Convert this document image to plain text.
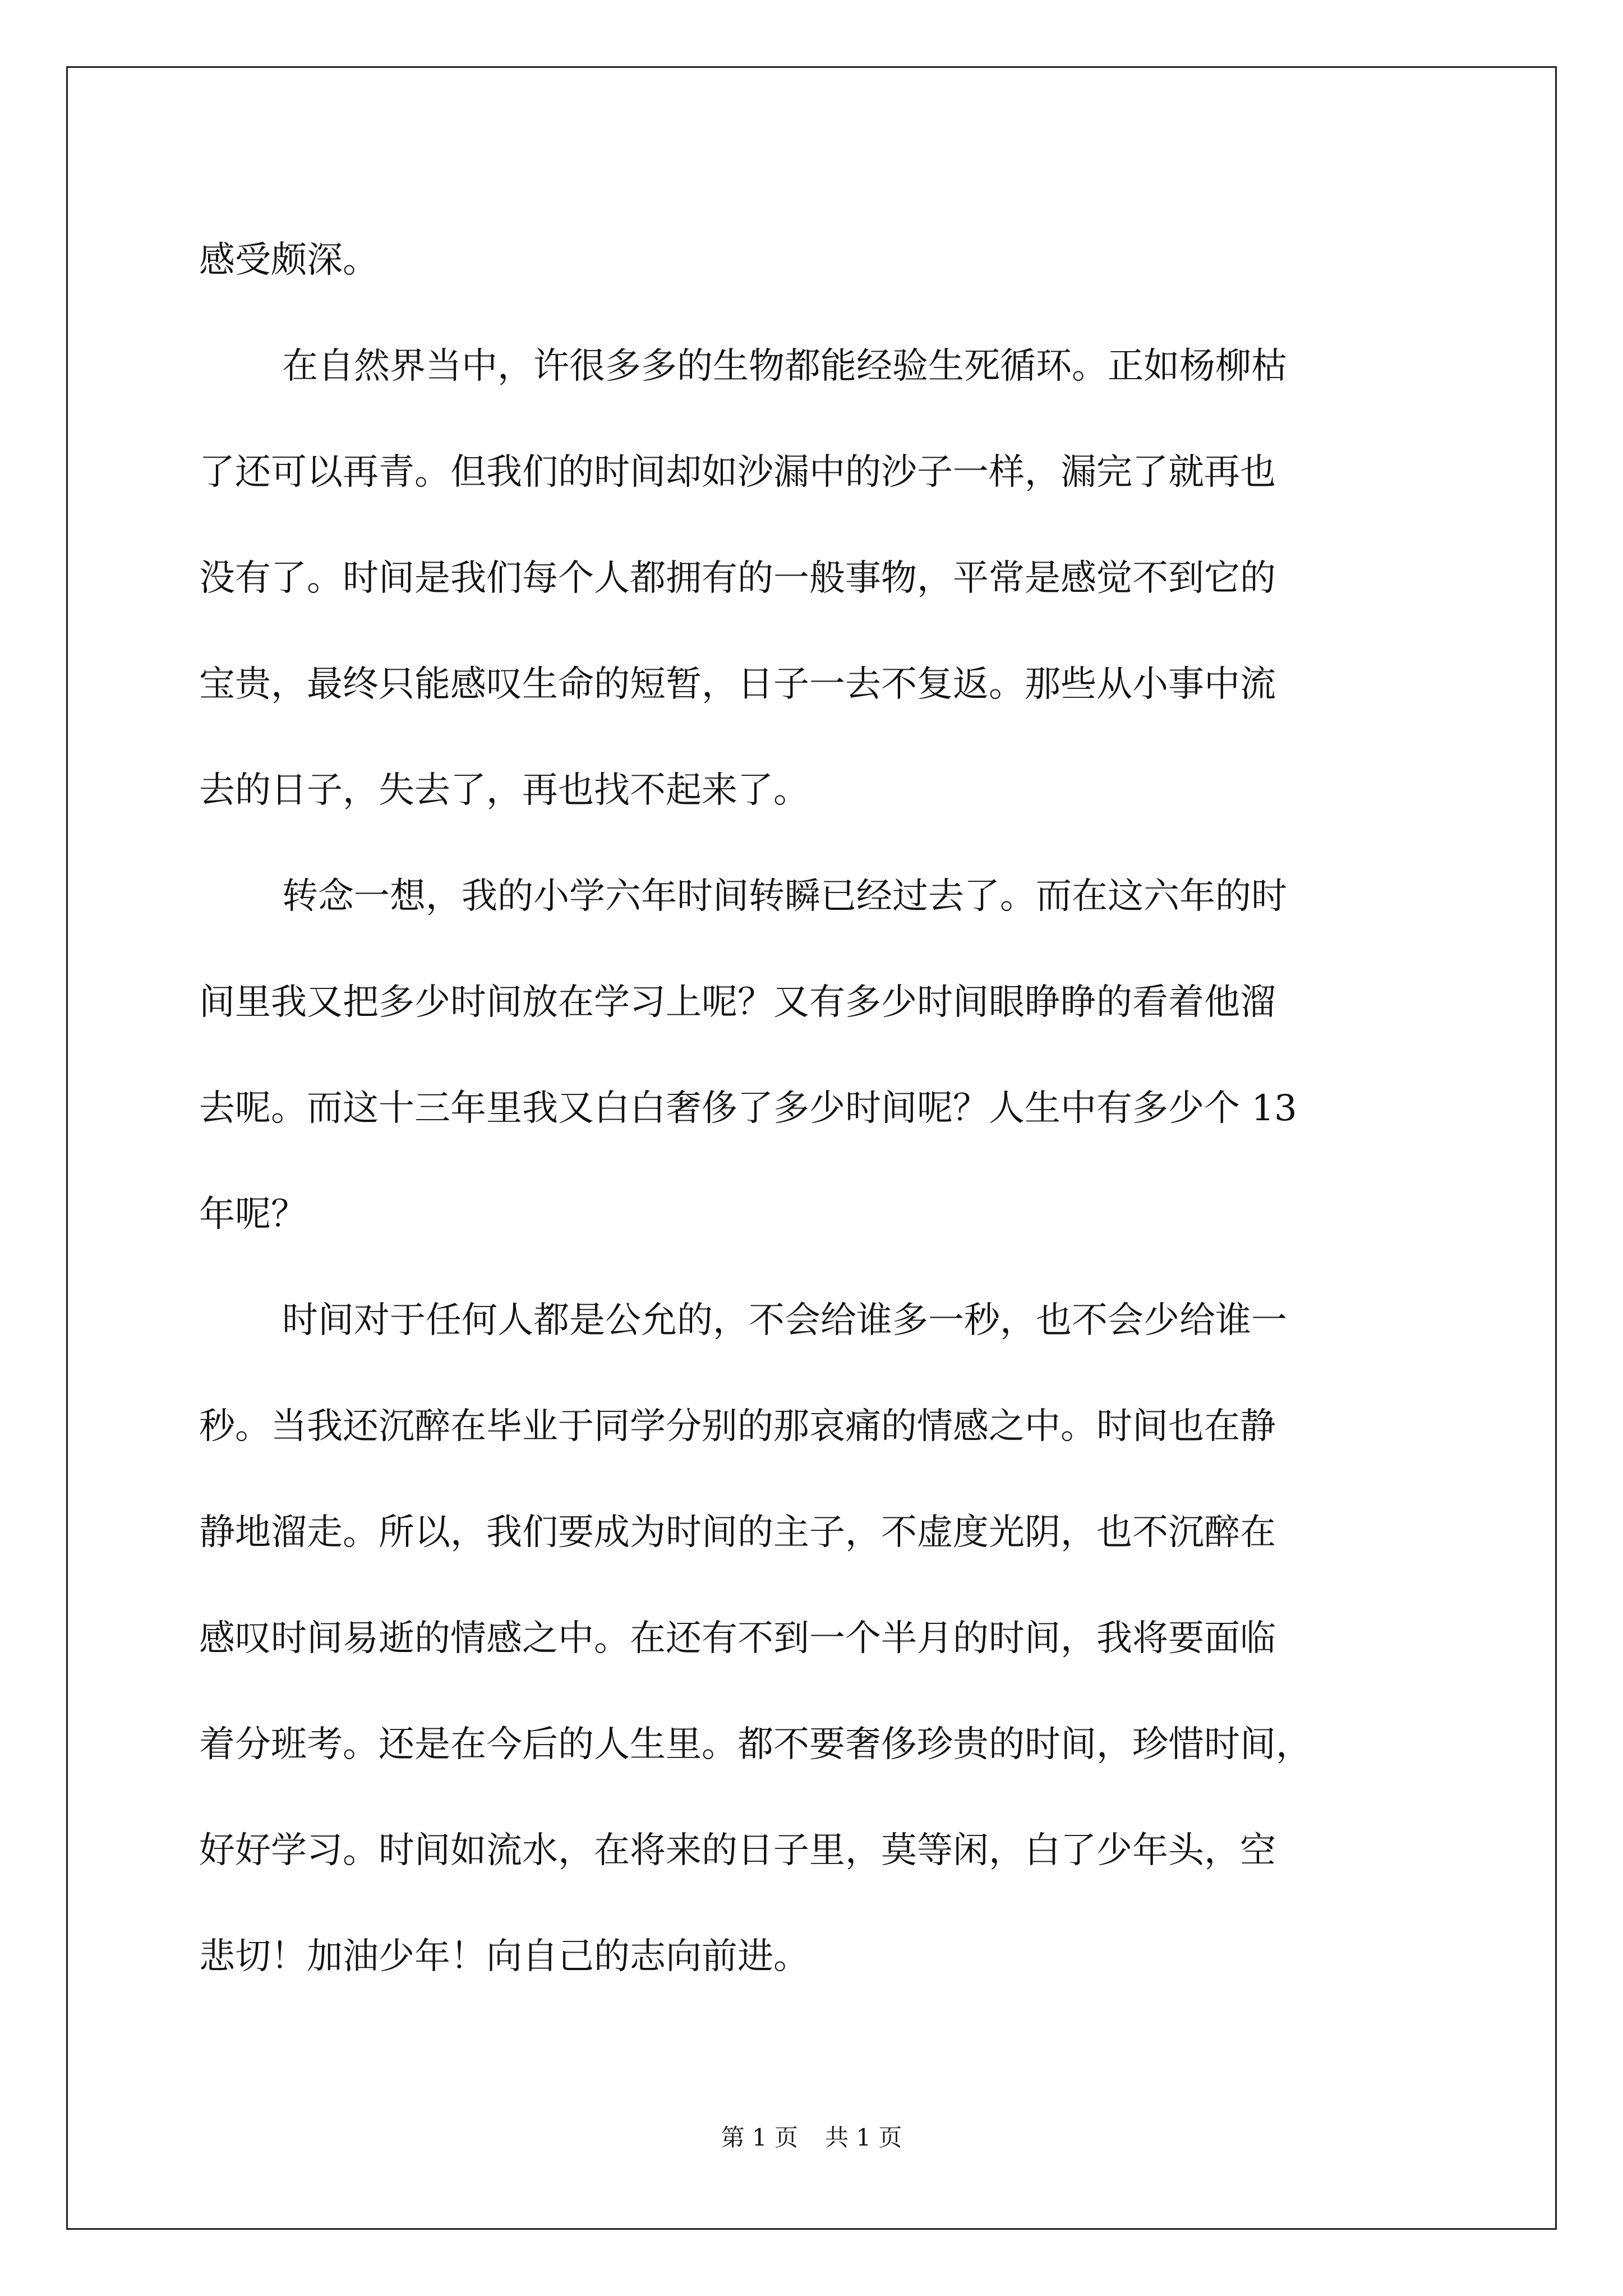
感受颇深。
在自然界当中，许很多多的生物都能经验生死循环。正如杨柳枯
了还可以再青。但我们的时间却如沙漏中的沙子一样，漏完了就再也
没有了。时间是我们每个人都拥有的一般事物，平常是感觉不到它的
宝贵，最终只能感叹生命的短暂，日子一去不复返。那些从小事中流
去的日子，失去了，再也找不起来了。
转念一想，我的小学六年时间转瞬已经过去了。而在这六年的时
间里我又把多少时间放在学习上呢？又有多少时间眼睁睁的看着他溜
去呢。而这十三年里我又白白奢侈了多少时间呢？人生中有多少个 13
年呢？
时间对于任何人都是公允的，不会给谁多一秒，也不会少给谁一
秒。当我还沉醉在毕业于同学分别的那哀痛的情感之中。时间也在静
静地溜走。所以，我们要成为时间的主子，不虚度光阴，也不沉醉在
感叹时间易逝的情感之中。在还有不到一个半月的时间，我将要面临
着分班考。还是在今后的人生里。都不要奢侈珍贵的时间，珍惜时间，
好好学习。时间如流水，在将来的日子里，莫等闲，白了少年头，空
悲切！加油少年！向自己的志向前进。
第 1 页 共 1 页
